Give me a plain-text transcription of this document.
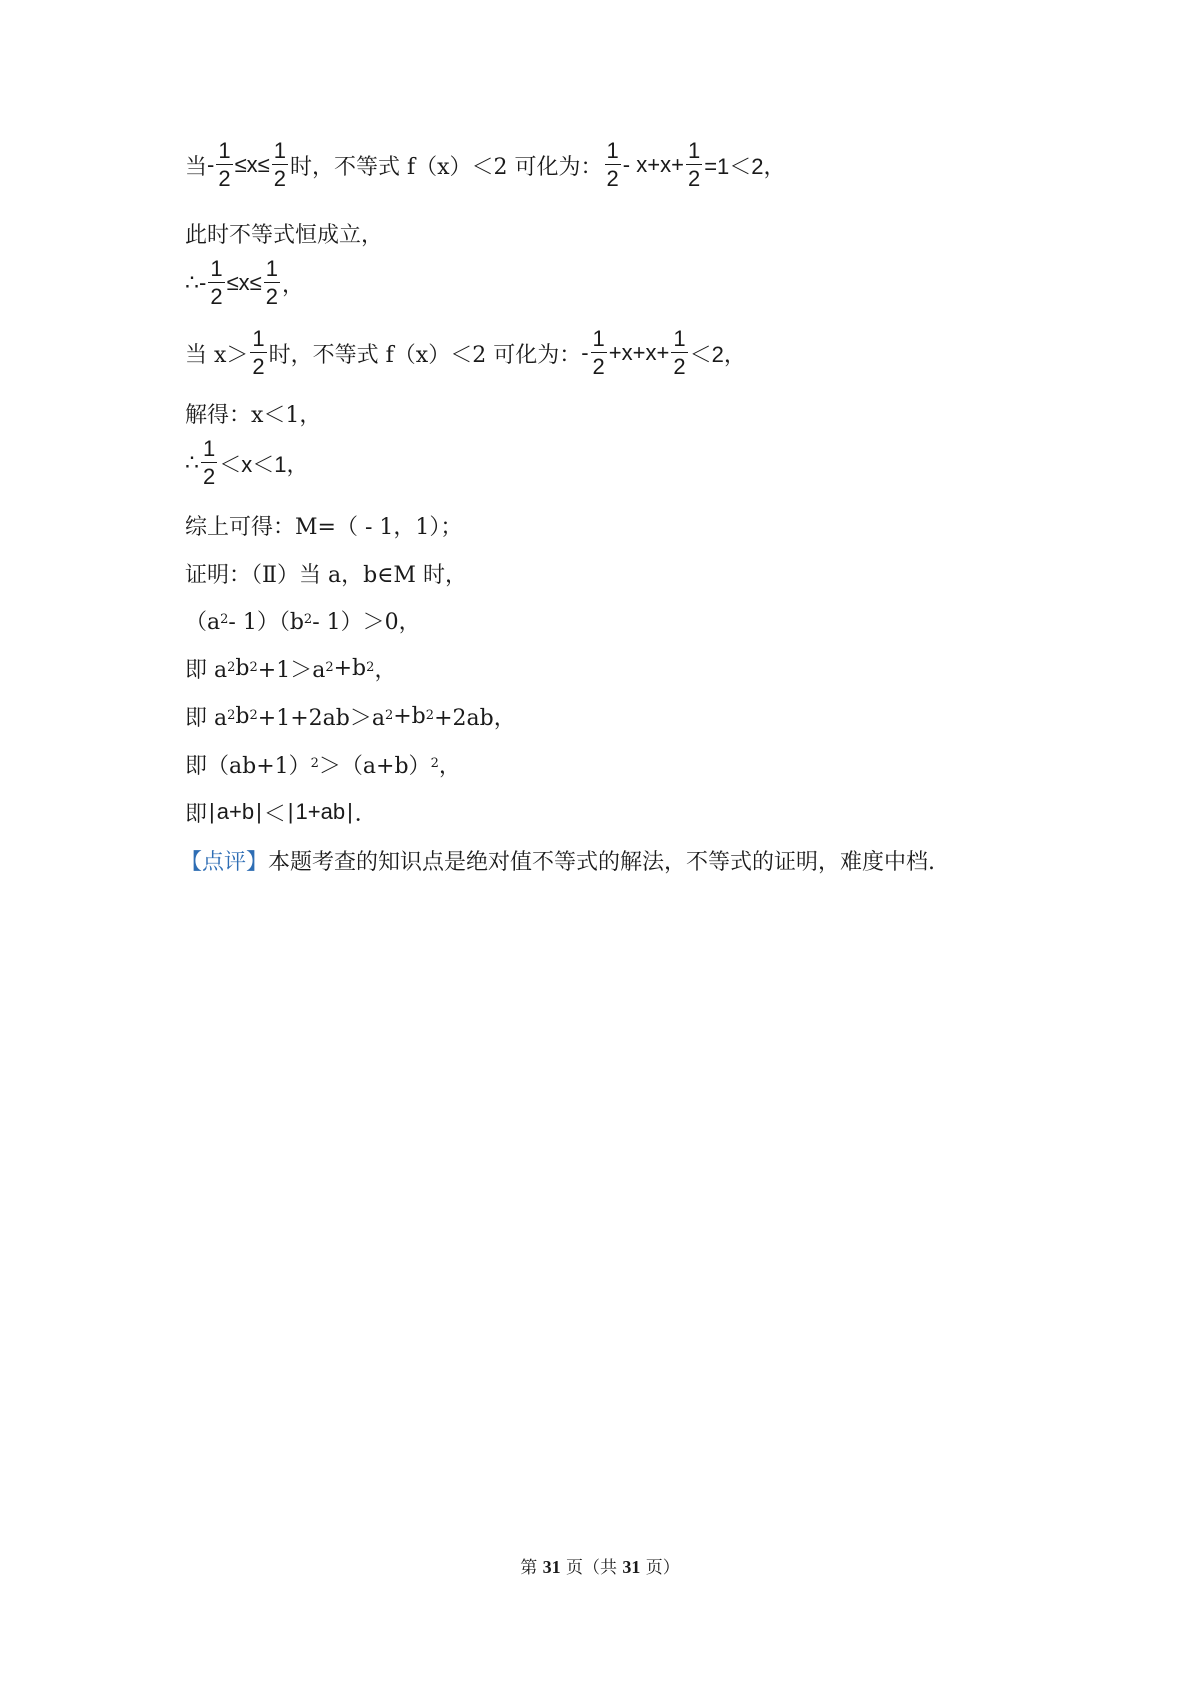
当 - $\frac{1}{2} \le x\le \frac{1}{2}$ 时，不等式 f（x）＜2 可化为： $\frac{1}{2} - x+x+ \frac{1}{2} =1<2$，
此时不等式恒成立，
∴ - $\frac{1}{2} \le x\le \frac{1}{2}$ ，
当 $x> \frac{1}{2}$ 时，不等式 f（x）＜2 可化为： - $\frac{1}{2} +x+x+ \frac{1}{2} <2$，
解得：x＜1，
∴ $\frac{1}{2} <x<1$，
综上可得：M=（ - 1，1）；
证明：（Ⅱ）当 a，b∈M 时，
（a 2 - 1）（b 2 - 1）＞0，
即 a 2 b 2 +1＞a 2 +b 2 ，
即 a 2 b 2 +1+2ab＞a 2 +b 2 +2ab，
即（ab+1） 2 ＞（a+b） 2 ，
即 | a+b | ＜ | 1+ab | ．
【点评】 本题考查的知识点是绝对值不等式的解法，不等式的证明，难度中档.
第 31 页（共 31 页）
